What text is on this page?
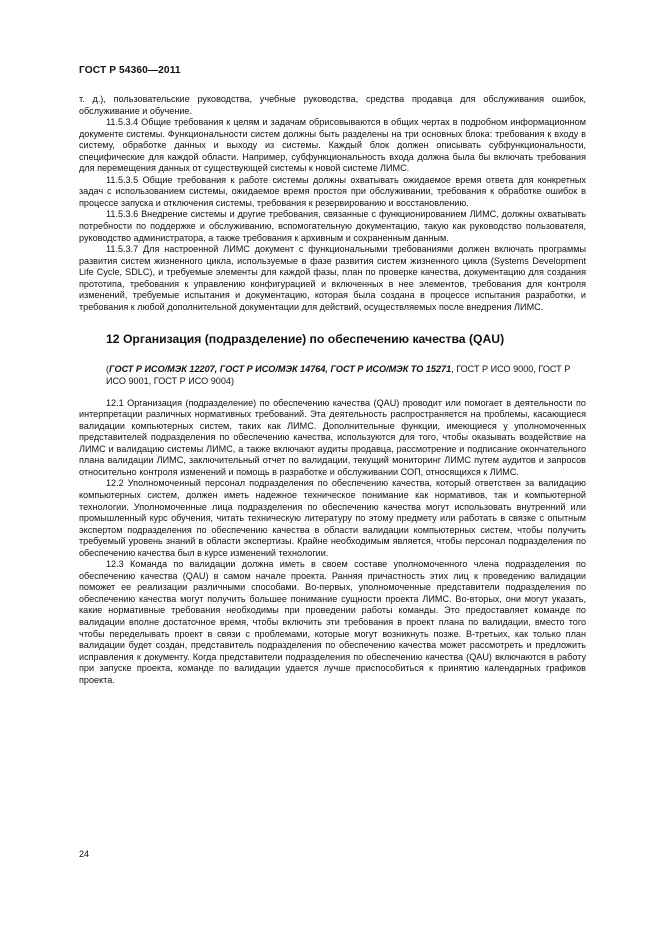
ГОСТ Р 54360—2011

т. д.), пользовательские руководства, учебные руководства, средства продавца для обслуживания ошибок, обслуживание и обучение.

11.5.3.4 Общие требования к целям и задачам обрисовываются в общих чертах в подробном информационном документе системы. Функциональности систем должны быть разделены на три основных блока: требования к входу в систему, обработке данных и выходу из системы. Каждый блок должен описывать субфункциональности, специфические для каждой области. Например, субфункциональность входа должна была бы включать требования для перемещения данных от существующей системы к новой системе ЛИМС.

11.5.3.5 Общие требования к работе системы должны охватывать ожидаемое время ответа для конкретных задач с использованием системы, ожидаемое время простоя при обслуживании, требования к обработке ошибок в процессе запуска и отключения системы, требования к резервированию и восстановлению.

11.5.3.6 Внедрение системы и другие требования, связанные с функционированием ЛИМС, должны охватывать потребности по поддержке и обслуживанию, вспомогательную документацию, такую как руководство пользователя, руководство администратора, а также требования к архивным и сохраненным данным.

11.5.3.7 Для настроенной ЛИМС документ с функциональными требованиями должен включать программы развития систем жизненного цикла, используемые в фазе развития систем жизненного цикла (Systems Development Life Cycle, SDLC), и требуемые элементы для каждой фазы, план по проверке качества, документацию для создания прототипа, требования к управлению конфигурацией и включенных в нее элементов, требования для контроля изменений, требуемые испытания и документацию, которая была создана в процессе испытания разработки, и требования к любой дополнительной документации для действий, осуществляемых после внедрения ЛИМС.

12 Организация (подразделение) по обеспечению качества (QAU)

(ГОСТ Р ИСО/МЭК 12207, ГОСТ Р ИСО/МЭК 14764, ГОСТ Р ИСО/МЭК ТО 15271, ГОСТ Р ИСО 9000, ГОСТ Р ИСО 9001, ГОСТ Р ИСО 9004)

12.1 Организация (подразделение) по обеспечению качества (QAU) проводит или помогает в деятельности по интерпретации различных нормативных требований. Эта деятельность распространяется на проблемы, касающиеся валидации компьютерных систем, таких как ЛИМС. Дополнительные функции, имеющиеся у уполномоченных представителей подразделения по обеспечению качества, используются для того, чтобы оказывать воздействие на ЛИМС и валидацию системы ЛИМС, а также включают аудиты продавца, рассмотрение и подписание окончательного плана валидации ЛИМС, заключительный отчет по валидации, текущий мониторинг ЛИМС путем аудитов и запросов относительно контроля изменений и помощь в разработке и обслуживании СОП, относящихся к ЛИМС.

12.2 Уполномоченный персонал подразделения по обеспечению качества, который ответствен за валидацию компьютерных систем, должен иметь надежное техническое понимание как нормативов, так и компьютерной технологии. Уполномоченные лица подразделения по обеспечению качества могут использовать внутренний или промышленный курс обучения, читать техническую литературу по этому предмету или работать в связке с опытным экспертом подразделения по обеспечению качества в области валидации компьютерных систем, чтобы получить требуемый уровень знаний в области экспертизы. Крайне необходимым является, чтобы персонал подразделения по обеспечению качества был в курсе изменений технологии.

12.3 Команда по валидации должна иметь в своем составе уполномоченного члена подразделения по обеспечению качества (QAU) в самом начале проекта. Ранняя причастность этих лиц к проведению валидации поможет ее реализации различными способами. Во-первых, уполномоченные представители подразделения по обеспечению качества могут получить большее понимание сущности проекта ЛИМС. Во-вторых, они могут указать, какие нормативные требования необходимы при проведении работы команды. Это предоставляет команде по валидации вполне достаточное время, чтобы включить эти требования в проект плана по валидации, вместо того чтобы переделывать проект в связи с проблемами, которые могут возникнуть позже. В-третьих, как только план валидации будет создан, представитель подразделения по обеспечению качества может рассмотреть и предложить исправления к документу. Когда представители подразделения по обеспечению качества (QAU) включаются в работу при запуске проекта, команде по валидации удается лучше приспособиться к принятию календарных графиков проекта.

24
